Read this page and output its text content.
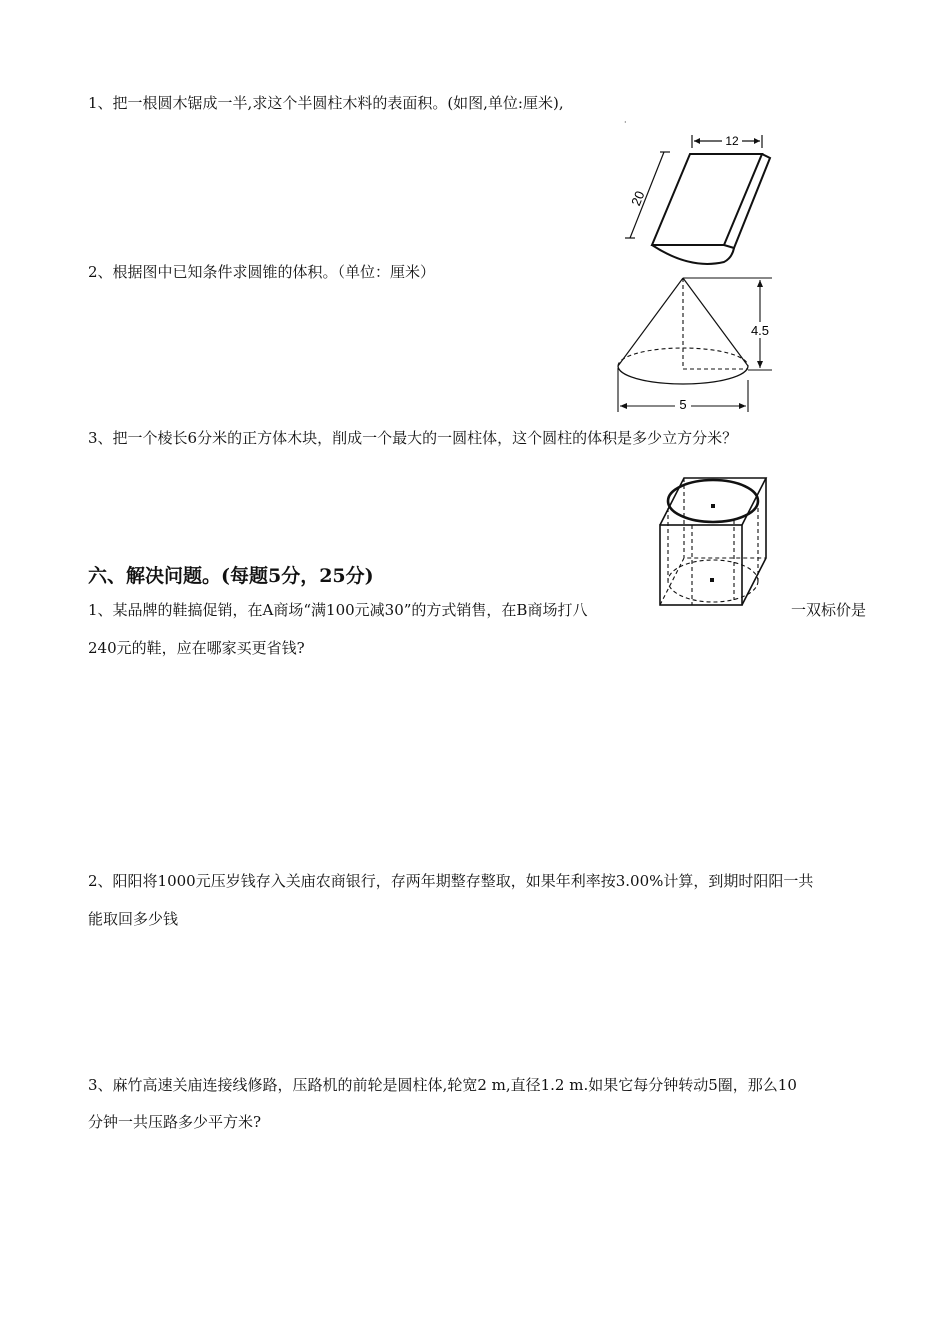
1、把一根圆木锯成一半,求这个半圆柱木料的表面积。(如图,单位:厘米),
·
12
20
2、根据图中已知条件求圆锥的体积。（单位：厘米）
4.5
5
3、把一个棱长6分米的正方体木块，削成一个最大的一圆柱体，这个圆柱的体积是多少立方分米？
六、解决问题。(每题5分，25分)
1、某品牌的鞋搞促销，在A商场“满100元减30”的方式销售，在B商场打八	一双标价是
240元的鞋，应在哪家买更省钱?
2、阳阳将1000元压岁钱存入关庙农商银行，存两年期整存整取，如果年利率按3.00%计算，到期时阳阳一共
能取回多少钱
3、麻竹高速关庙连接线修路，压路机的前轮是圆柱体,轮宽2 m,直径1.2 m.如果它每分钟转动5圈，那么10
分钟一共压路多少平方米?
